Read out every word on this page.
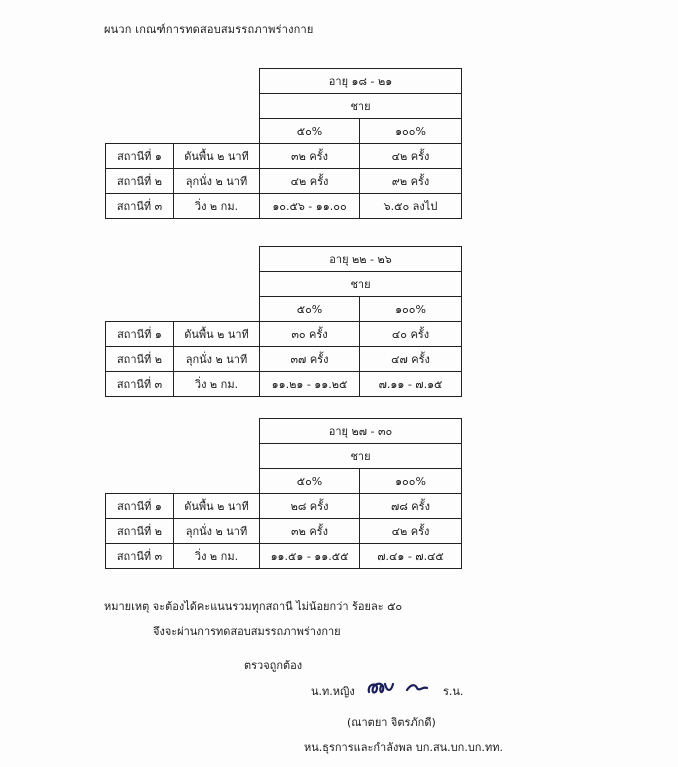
ผนวก เกณฑ์การทดสอบสมรรถภาพร่างกาย
		อายุ ๑๘ - ๒๑	
		ชาย	
		๕๐%	๑๐๐%
สถานีที่ ๑	ดันพื้น ๒ นาที	๓๒ ครั้ง	๔๒ ครั้ง
สถานีที่ ๒	ลุกนั่ง ๒ นาที	๔๒ ครั้ง	๙๒ ครั้ง
สถานีที่ ๓	วิ่ง ๒ กม.	๑๐.๕๖ - ๑๑.๐๐	๖.๕๐ ลงไป
		อายุ ๒๒ - ๒๖	
		ชาย	
		๕๐%	๑๐๐%
สถานีที่ ๑	ดันพื้น ๒ นาที	๓๐ ครั้ง	๔๐ ครั้ง
สถานีที่ ๒	ลุกนั่ง ๒ นาที	๓๗ ครั้ง	๔๗ ครั้ง
สถานีที่ ๓	วิ่ง ๒ กม.	๑๑.๒๑ - ๑๑.๒๕	๗.๑๑ - ๗.๑๕
		อายุ ๒๗ - ๓๐	
		ชาย	
		๕๐%	๑๐๐%
สถานีที่ ๑	ดันพื้น ๒ นาที	๒๘ ครั้ง	๗๘ ครั้ง
สถานีที่ ๒	ลุกนั่ง ๒ นาที	๓๒ ครั้ง	๔๒ ครั้ง
สถานีที่ ๓	วิ่ง ๒ กม.	๑๑.๕๑ - ๑๑.๕๕	๗.๔๑ - ๗.๔๕
หมายเหตุ จะต้องได้คะแนนรวมทุกสถานี ไม่น้อยกว่า ร้อยละ ๕๐
จึงจะผ่านการทดสอบสมรรถภาพร่างกาย
ตรวจถูกต้อง
น.ท.หญิง	ร.น.
(ณาตยา จิตรภักดี)
หน.ธุรการและกำลังพล บก.สน.บก.บก.ทท.
